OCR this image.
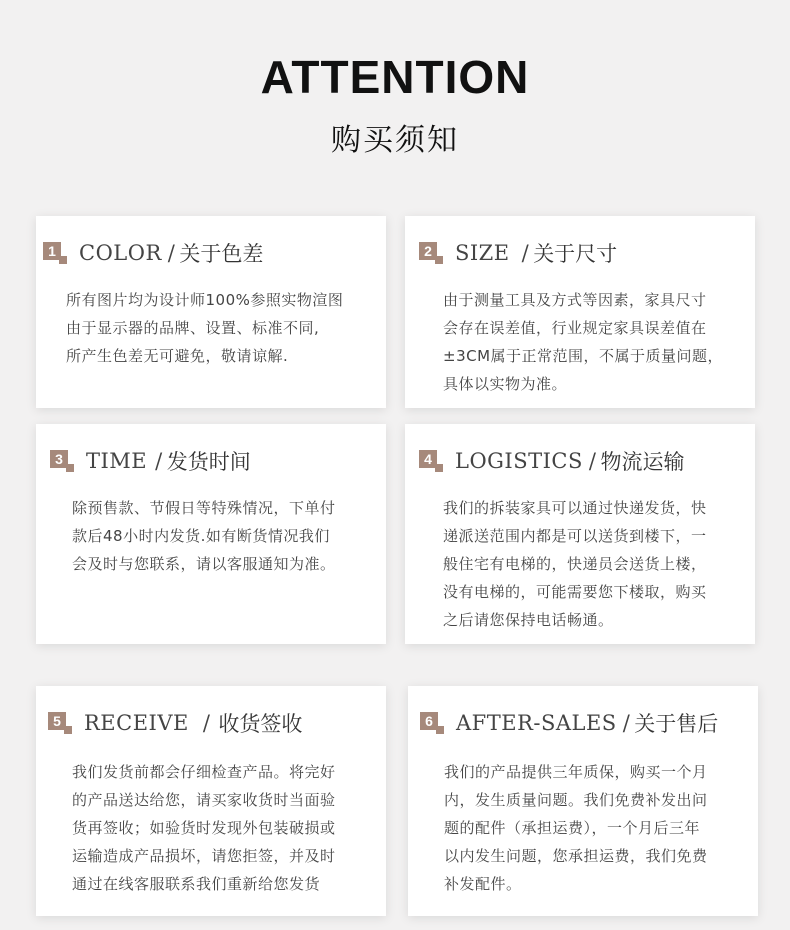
ATTENTION
购买须知
1 COLOR / 关于色差
所有图片均为设计师100%参照实物渲图
由于显示器的品牌、设置、标准不同,
所产生色差无可避免，敬请谅解.
2 SIZE / 关于尺寸
由于测量工具及方式等因素，家具尺寸
会存在误差值，行业规定家具误差值在
±3CM属于正常范围，不属于质量问题，
具体以实物为准。
3 TIME / 发货时间
除预售款、节假日等特殊情况，下单付
款后48小时内发货.如有断货情况我们
会及时与您联系，请以客服通知为准。
4 LOGISTICS / 物流运输
我们的拆装家具可以通过快递发货，快
递派送范围内都是可以送货到楼下，一
般住宅有电梯的，快递员会送货上楼，
没有电梯的，可能需要您下楼取，购买
之后请您保持电话畅通。
5 RECEIVE / 收货签收
我们发货前都会仔细检查产品。将完好
的产品送达给您，请买家收货时当面验
货再签收；如验货时发现外包装破损或
运输造成产品损坏，请您拒签，并及时
通过在线客服联系我们重新给您发货
6 AFTER-SALES / 关于售后
我们的产品提供三年质保，购买一个月
内，发生质量问题。我们免费补发出问
题的配件（承担运费），一个月后三年
以内发生问题，您承担运费，我们免费
补发配件。
